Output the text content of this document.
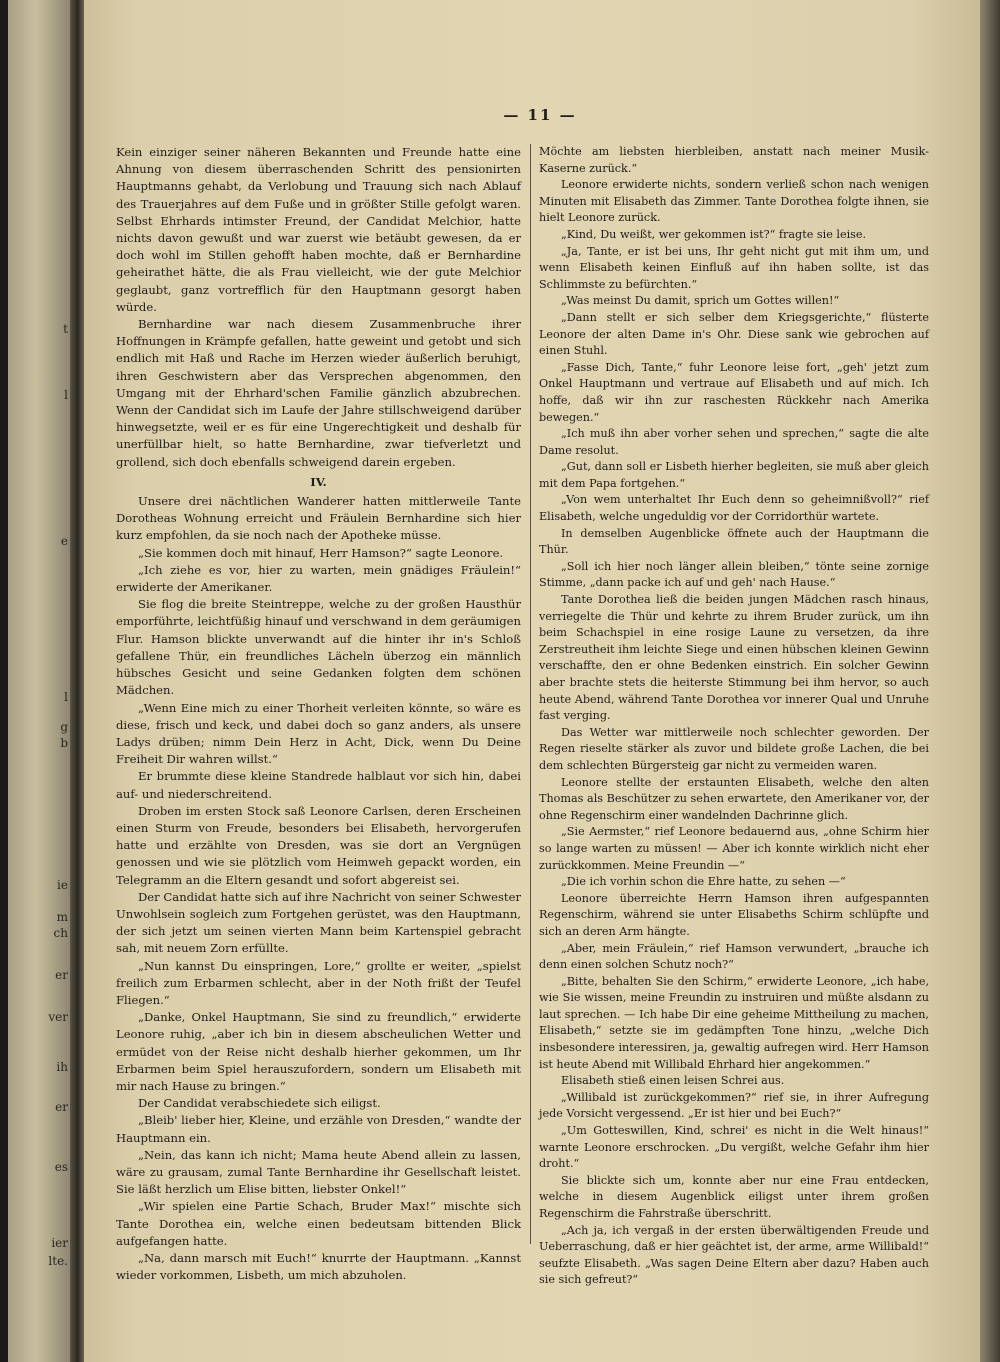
t
l
e
l
g
b
ie
m
ch
er
ver
ih
er
es
ier
lte.
— 11 —

Kein einziger seiner näheren Bekannten und Freunde hatte eine Ahnung von diesem überraschenden Schritt des pensionirten Hauptmanns gehabt, da Verlobung und Trauung sich nach Ablauf des Trauerjahres auf dem Fuße und in größter Stille gefolgt waren. Selbst Ehrhards intimster Freund, der Candidat Melchior, hatte nichts davon gewußt und war zuerst wie betäubt gewesen, da er doch wohl im Stillen gehofft haben mochte, daß er Bernhardine geheirathet hätte, die als Frau vielleicht, wie der gute Melchior geglaubt, ganz vortrefflich für den Hauptmann gesorgt haben würde.

Bernhardine war nach diesem Zusammenbruche ihrer Hoffnungen in Krämpfe gefallen, hatte geweint und getobt und sich endlich mit Haß und Rache im Herzen wieder äußerlich beruhigt, ihren Geschwistern aber das Versprechen abgenommen, den Umgang mit der Ehrhard'schen Familie gänzlich abzubrechen. Wenn der Candidat sich im Laufe der Jahre stillschweigend darüber hinwegsetzte, weil er es für eine Ungerechtigkeit und deshalb für unerfüllbar hielt, so hatte Bernhardine, zwar tiefverletzt und grollend, sich doch ebenfalls schweigend darein ergeben.

IV.

Unsere drei nächtlichen Wanderer hatten mittlerweile Tante Dorotheas Wohnung erreicht und Fräulein Bernhardine sich hier kurz empfohlen, da sie noch nach der Apotheke müsse.

„Sie kommen doch mit hinauf, Herr Hamson?“ sagte Leonore.

„Ich ziehe es vor, hier zu warten, mein gnädiges Fräulein!“ erwiderte der Amerikaner.

Sie flog die breite Steintreppe, welche zu der großen Hausthür emporführte, leichtfüßig hinauf und verschwand in dem geräumigen Flur. Hamson blickte unverwandt auf die hinter ihr in's Schloß gefallene Thür, ein freundliches Lächeln überzog ein männlich hübsches Gesicht und seine Gedanken folgten dem schönen Mädchen.

„Wenn Eine mich zu einer Thorheit verleiten könnte, so wäre es diese, frisch und keck, und dabei doch so ganz anders, als unsere Ladys drüben; nimm Dein Herz in Acht, Dick, wenn Du Deine Freiheit Dir wahren willst.“

Er brummte diese kleine Standrede halblaut vor sich hin, dabei auf- und niederschreitend.

Droben im ersten Stock saß Leonore Carlsen, deren Erscheinen einen Sturm von Freude, besonders bei Elisabeth, hervorgerufen hatte und erzählte von Dresden, was sie dort an Vergnügen genossen und wie sie plötzlich vom Heimweh gepackt worden, ein Telegramm an die Eltern gesandt und sofort abgereist sei.

Der Candidat hatte sich auf ihre Nachricht von seiner Schwester Unwohlsein sogleich zum Fortgehen gerüstet, was den Hauptmann, der sich jetzt um seinen vierten Mann beim Kartenspiel gebracht sah, mit neuem Zorn erfüllte.

„Nun kannst Du einspringen, Lore,“ grollte er weiter, „spielst freilich zum Erbarmen schlecht, aber in der Noth frißt der Teufel Fliegen.“

„Danke, Onkel Hauptmann, Sie sind zu freundlich,“ erwiderte Leonore ruhig, „aber ich bin in diesem abscheulichen Wetter und ermüdet von der Reise nicht deshalb hierher gekommen, um Ihr Erbarmen beim Spiel herauszufordern, sondern um Elisabeth mit mir nach Hause zu bringen.“

Der Candidat verabschiedete sich eiligst.

„Bleib' lieber hier, Kleine, und erzähle von Dresden,“ wandte der Hauptmann ein.

„Nein, das kann ich nicht; Mama heute Abend allein zu lassen, wäre zu grausam, zumal Tante Bernhardine ihr Gesellschaft leistet. Sie läßt herzlich um Elise bitten, liebster Onkel!“

„Wir spielen eine Partie Schach, Bruder Max!“ mischte sich Tante Dorothea ein, welche einen bedeutsam bittenden Blick aufgefangen hatte.

„Na, dann marsch mit Euch!“ knurrte der Hauptmann. „Kannst wieder vorkommen, Lisbeth, um mich abzuholen.

Möchte am liebsten hierbleiben, anstatt nach meiner Musik-Kaserne zurück.“

Leonore erwiderte nichts, sondern verließ schon nach wenigen Minuten mit Elisabeth das Zimmer. Tante Dorothea folgte ihnen, sie hielt Leonore zurück.

„Kind, Du weißt, wer gekommen ist?“ fragte sie leise.

„Ja, Tante, er ist bei uns, Ihr geht nicht gut mit ihm um, und wenn Elisabeth keinen Einfluß auf ihn haben sollte, ist das Schlimmste zu befürchten.“

„Was meinst Du damit, sprich um Gottes willen!“

„Dann stellt er sich selber dem Kriegsgerichte,“ flüsterte Leonore der alten Dame in's Ohr. Diese sank wie gebrochen auf einen Stuhl.

„Fasse Dich, Tante,“ fuhr Leonore leise fort, „geh' jetzt zum Onkel Hauptmann und vertraue auf Elisabeth und auf mich. Ich hoffe, daß wir ihn zur raschesten Rückkehr nach Amerika bewegen.“

„Ich muß ihn aber vorher sehen und sprechen,“ sagte die alte Dame resolut.

„Gut, dann soll er Lisbeth hierher begleiten, sie muß aber gleich mit dem Papa fortgehen.“

„Von wem unterhaltet Ihr Euch denn so geheimnißvoll?“ rief Elisabeth, welche ungeduldig vor der Corridorthür wartete.

In demselben Augenblicke öffnete auch der Hauptmann die Thür.

„Soll ich hier noch länger allein bleiben,“ tönte seine zornige Stimme, „dann packe ich auf und geh' nach Hause.“

Tante Dorothea ließ die beiden jungen Mädchen rasch hinaus, verriegelte die Thür und kehrte zu ihrem Bruder zurück, um ihn beim Schachspiel in eine rosige Laune zu versetzen, da ihre Zerstreutheit ihm leichte Siege und einen hübschen kleinen Gewinn verschaffte, den er ohne Bedenken einstrich. Ein solcher Gewinn aber brachte stets die heiterste Stimmung bei ihm hervor, so auch heute Abend, während Tante Dorothea vor innerer Qual und Unruhe fast verging.

Das Wetter war mittlerweile noch schlechter geworden. Der Regen rieselte stärker als zuvor und bildete große Lachen, die bei dem schlechten Bürgersteig gar nicht zu vermeiden waren.

Leonore stellte der erstaunten Elisabeth, welche den alten Thomas als Beschützer zu sehen erwartete, den Amerikaner vor, der ohne Regenschirm einer wandelnden Dachrinne glich.

„Sie Aermster,“ rief Leonore bedauernd aus, „ohne Schirm hier so lange warten zu müssen! — Aber ich konnte wirklich nicht eher zurückkommen. Meine Freundin —“

„Die ich vorhin schon die Ehre hatte, zu sehen —“

Leonore überreichte Herrn Hamson ihren aufgespannten Regenschirm, während sie unter Elisabeths Schirm schlüpfte und sich an deren Arm hängte.

„Aber, mein Fräulein,“ rief Hamson verwundert, „brauche ich denn einen solchen Schutz noch?“

„Bitte, behalten Sie den Schirm,“ erwiderte Leonore, „ich habe, wie Sie wissen, meine Freundin zu instruiren und müßte alsdann zu laut sprechen. — Ich habe Dir eine geheime Mittheilung zu machen, Elisabeth,“ setzte sie im gedämpften Tone hinzu, „welche Dich insbesondere interessiren, ja, gewaltig aufregen wird. Herr Hamson ist heute Abend mit Willibald Ehrhard hier angekommen.“

Elisabeth stieß einen leisen Schrei aus.

„Willibald ist zurückgekommen?“ rief sie, in ihrer Aufregung jede Vorsicht vergessend. „Er ist hier und bei Euch?“

„Um Gotteswillen, Kind, schrei' es nicht in die Welt hinaus!“ warnte Leonore erschrocken. „Du vergißt, welche Gefahr ihm hier droht.“

Sie blickte sich um, konnte aber nur eine Frau entdecken, welche in diesem Augenblick eiligst unter ihrem großen Regenschirm die Fahrstraße überschritt.

„Ach ja, ich vergaß in der ersten überwältigenden Freude und Ueberraschung, daß er hier geächtet ist, der arme, arme Willibald!“ seufzte Elisabeth. „Was sagen Deine Eltern aber dazu? Haben auch sie sich gefreut?“
